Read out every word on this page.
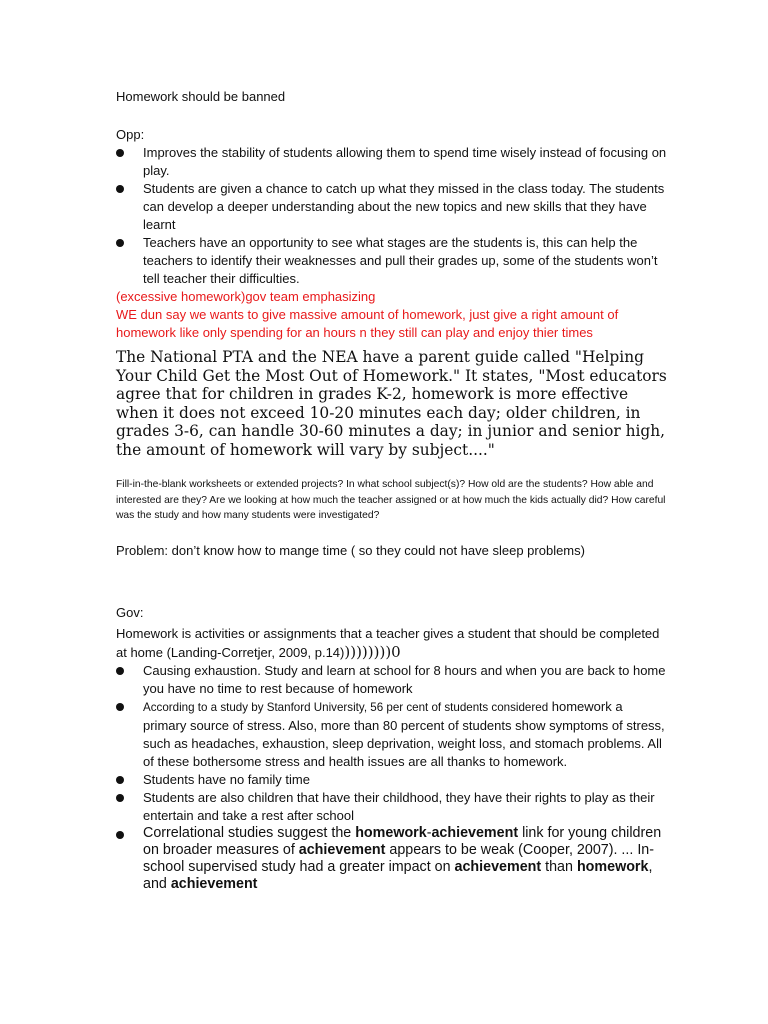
Homework should be banned
Opp:
Improves the stability of students allowing them to spend time wisely instead of focusing on play.
Students are given a chance to catch up what they missed in the class today. The students can develop a deeper understanding about the new topics and new skills that they have learnt
Teachers have an opportunity to see what stages are the students is, this can help the teachers to identify their weaknesses and pull their grades up, some of the students won’t tell teacher their difficulties.
(excessive homework)gov team emphasizing
WE dun say we wants to give massive amount of homework, just give a right amount of homework like only spending for an hours n they still can play and enjoy thier times
The National PTA and the NEA have a parent guide called "Helping Your Child Get the Most Out of Homework." It states, "Most educators agree that for children in grades K-2, homework is more effective when it does not exceed 10-20 minutes each day; older children, in grades 3-6, can handle 30-60 minutes a day; in junior and senior high, the amount of homework will vary by subject...."
Fill-in-the-blank worksheets or extended projects? In what school subject(s)? How old are the students? How able and interested are they? Are we looking at how much the teacher assigned or at how much the kids actually did? How careful was the study and how many students were investigated?
Problem: don’t know how to mange time ( so they could not have sleep problems)
Gov:
Homework is activities or assignments that a teacher gives a student that should be completed at home (Landing-Corretjer, 2009, p.14)))))))))0
Causing exhaustion. Study and learn at school for 8 hours and when you are back to home you have no time to rest because of homework
According to a study by Stanford University, 56 per cent of students considered homework a primary source of stress. Also, more than 80 percent of students show symptoms of stress, such as headaches, exhaustion, sleep deprivation, weight loss, and stomach problems. All of these bothersome stress and health issues are all thanks to homework.
Students have no family time
Students are also children that have their childhood, they have their rights to play as their entertain and take a rest after school
Correlational studies suggest the homework-achievement link for young children on broader measures of achievement appears to be weak (Cooper, 2007). ... In-school supervised study had a greater impact on achievement than homework, and achievement
